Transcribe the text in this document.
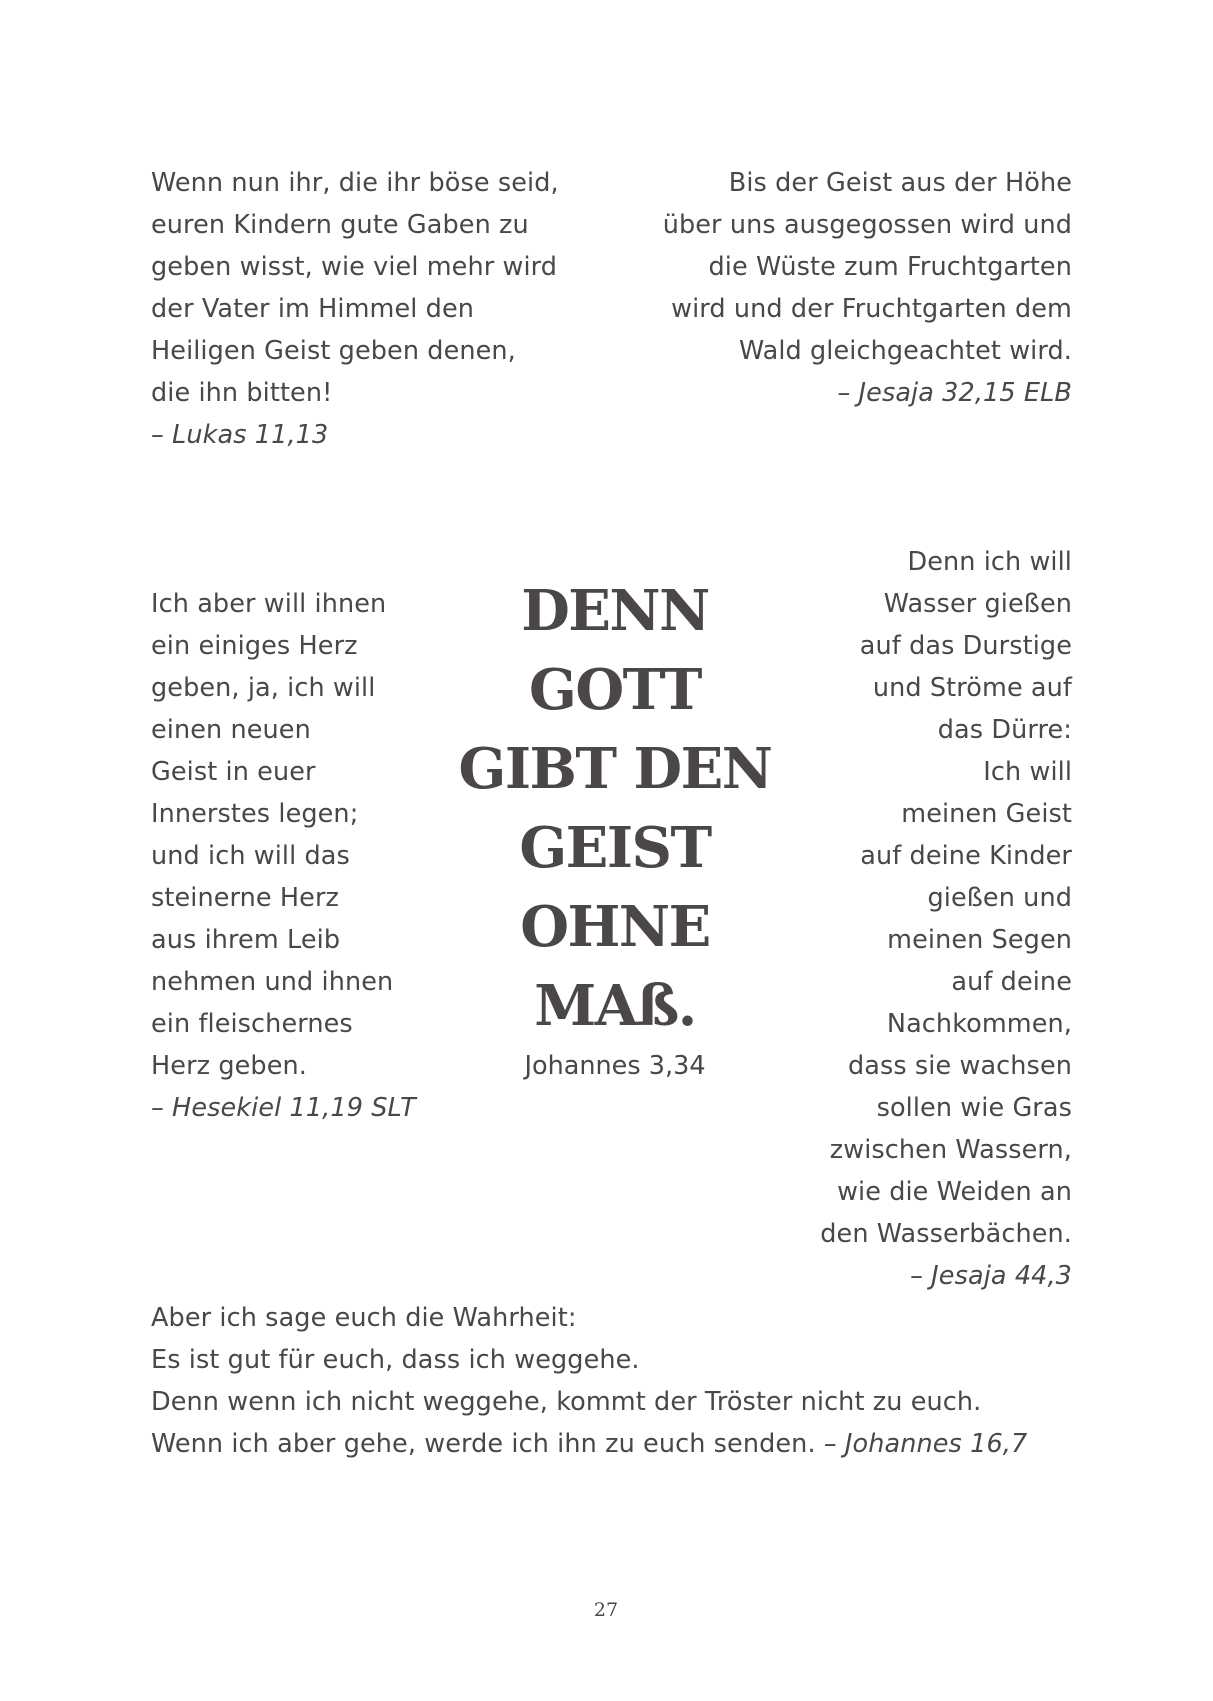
Wenn nun ihr, die ihr böse seid,
euren Kindern gute Gaben zu
geben wisst, wie viel mehr wird
der Vater im Himmel den
Heiligen Geist geben denen,
die ihn bitten!
– Lukas 11,13
Bis der Geist aus der Höhe
über uns ausgegossen wird und
die Wüste zum Fruchtgarten
wird und der Fruchtgarten dem
Wald gleichgeachtet wird.
– Jesaja 32,15 ELB
Ich aber will ihnen
ein einiges Herz
geben, ja, ich will
einen neuen
Geist in euer
Innerstes legen;
und ich will das
steinerne Herz
aus ihrem Leib
nehmen und ihnen
ein fleischernes
Herz geben.
– Hesekiel 11,19 SLT
DENN
GOTT
GIBT DEN
GEIST
OHNE
MAß.
Johannes 3,34
Denn ich will
Wasser gießen
auf das Durstige
und Ströme auf
das Dürre:
Ich will
meinen Geist
auf deine Kinder
gießen und
meinen Segen
auf deine
Nachkommen,
dass sie wachsen
sollen wie Gras
zwischen Wassern,
wie die Weiden an
den Wasserbächen.
– Jesaja 44,3
Aber ich sage euch die Wahrheit:
Es ist gut für euch, dass ich weggehe.
Denn wenn ich nicht weggehe, kommt der Tröster nicht zu euch.
Wenn ich aber gehe, werde ich ihn zu euch senden. – Johannes 16,7
27
